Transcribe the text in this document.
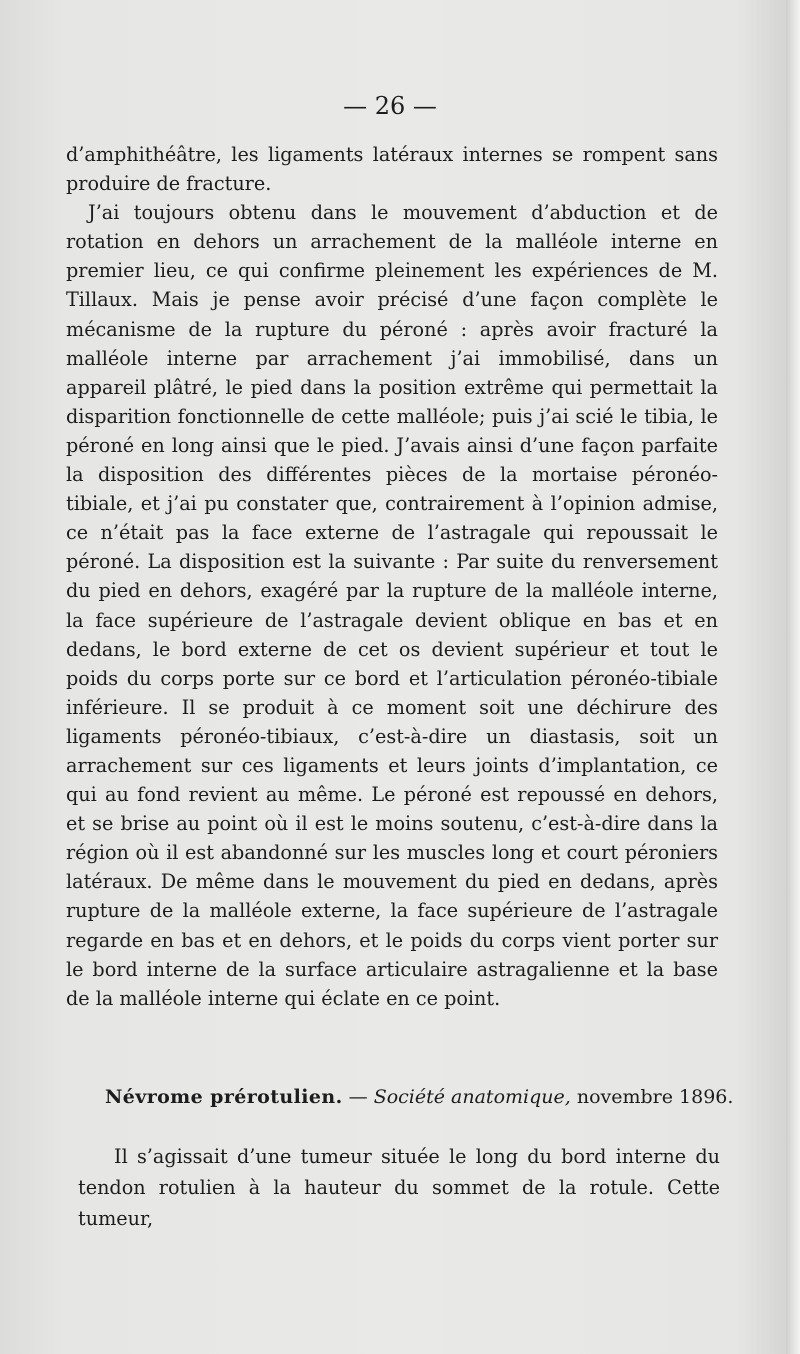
— 26 —

d’amphithéâtre, les ligaments latéraux internes se rompent sans produire de fracture.

J’ai toujours obtenu dans le mouvement d’abduction et de rotation en dehors un arrachement de la malléole interne en premier lieu, ce qui confirme pleinement les expériences de M. Tillaux. Mais je pense avoir précisé d’une façon complète le mécanisme de la rupture du péroné : après avoir fracturé la malléole interne par arrachement j’ai immobilisé, dans un appareil plâtré, le pied dans la position extrême qui permettait la disparition fonctionnelle de cette malléole; puis j’ai scié le tibia, le péroné en long ainsi que le pied. J’avais ainsi d’une façon parfaite la disposition des différentes pièces de la mortaise péronéo-tibiale, et j’ai pu constater que, contrairement à l’opinion admise, ce n’était pas la face externe de l’astragale qui repoussait le péroné. La disposition est la suivante : Par suite du renversement du pied en dehors, exagéré par la rupture de la malléole interne, la face supérieure de l’astragale devient oblique en bas et en dedans, le bord externe de cet os devient supérieur et tout le poids du corps porte sur ce bord et l’articulation péronéo-tibiale inférieure. Il se produit à ce moment soit une déchirure des ligaments péronéo-tibiaux, c’est-à-dire un diastasis, soit un arrachement sur ces ligaments et leurs joints d’implantation, ce qui au fond revient au même. Le péroné est repoussé en dehors, et se brise au point où il est le moins soutenu, c’est-à-dire dans la région où il est abandonné sur les muscles long et court péroniers latéraux. De même dans le mouvement du pied en dedans, après rupture de la malléole externe, la face supérieure de l’astragale regarde en bas et en dehors, et le poids du corps vient porter sur le bord interne de la surface articulaire astragalienne et la base de la malléole interne qui éclate en ce point.

Névrome prérotulien. — Société anatomique, novembre 1896.

Il s’agissait d’une tumeur située le long du bord interne du tendon rotulien à la hauteur du sommet de la rotule. Cette tumeur,
